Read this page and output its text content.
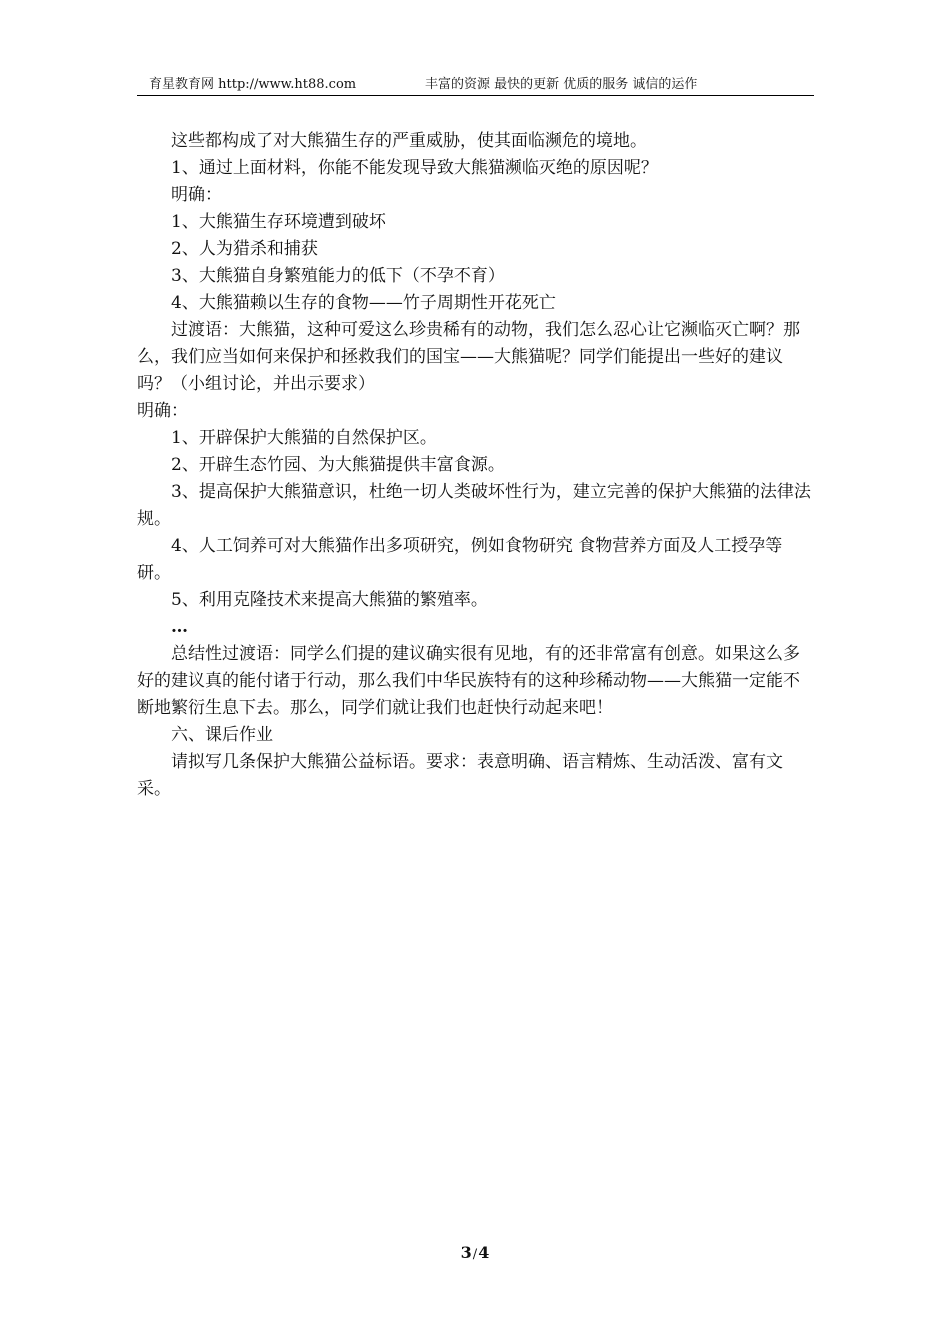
育星教育网 http://www.ht88.com	丰富的资源 最快的更新 优质的服务 诚信的运作

这些都构成了对大熊猫生存的严重威胁，使其面临濒危的境地。

1、通过上面材料，你能不能发现导致大熊猫濒临灭绝的原因呢？

明确：

1、大熊猫生存环境遭到破坏

2、人为猎杀和捕获

3、大熊猫自身繁殖能力的低下（不孕不育）

4、大熊猫赖以生存的食物——竹子周期性开花死亡

过渡语：大熊猫，这种可爱这么珍贵稀有的动物，我们怎么忍心让它濒临灭亡啊？那么，我们应当如何来保护和拯救我们的国宝——大熊猫呢？同学们能提出一些好的建议吗？（小组讨论，并出示要求）

明确：

1、开辟保护大熊猫的自然保护区。

2、开辟生态竹园、为大熊猫提供丰富食源。

3、提高保护大熊猫意识，杜绝一切人类破坏性行为，建立完善的保护大熊猫的法律法规。

4、人工饲养可对大熊猫作出多项研究，例如食物研究 食物营养方面及人工授孕等研。

5、利用克隆技术来提高大熊猫的繁殖率。

…

总结性过渡语：同学么们提的建议确实很有见地，有的还非常富有创意。如果这么多好的建议真的能付诸于行动，那么我们中华民族特有的这种珍稀动物——大熊猫一定能不断地繁衍生息下去。那么，同学们就让我们也赶快行动起来吧！

六、课后作业

请拟写几条保护大熊猫公益标语。要求：表意明确、语言精炼、生动活泼、富有文采。

3/4
